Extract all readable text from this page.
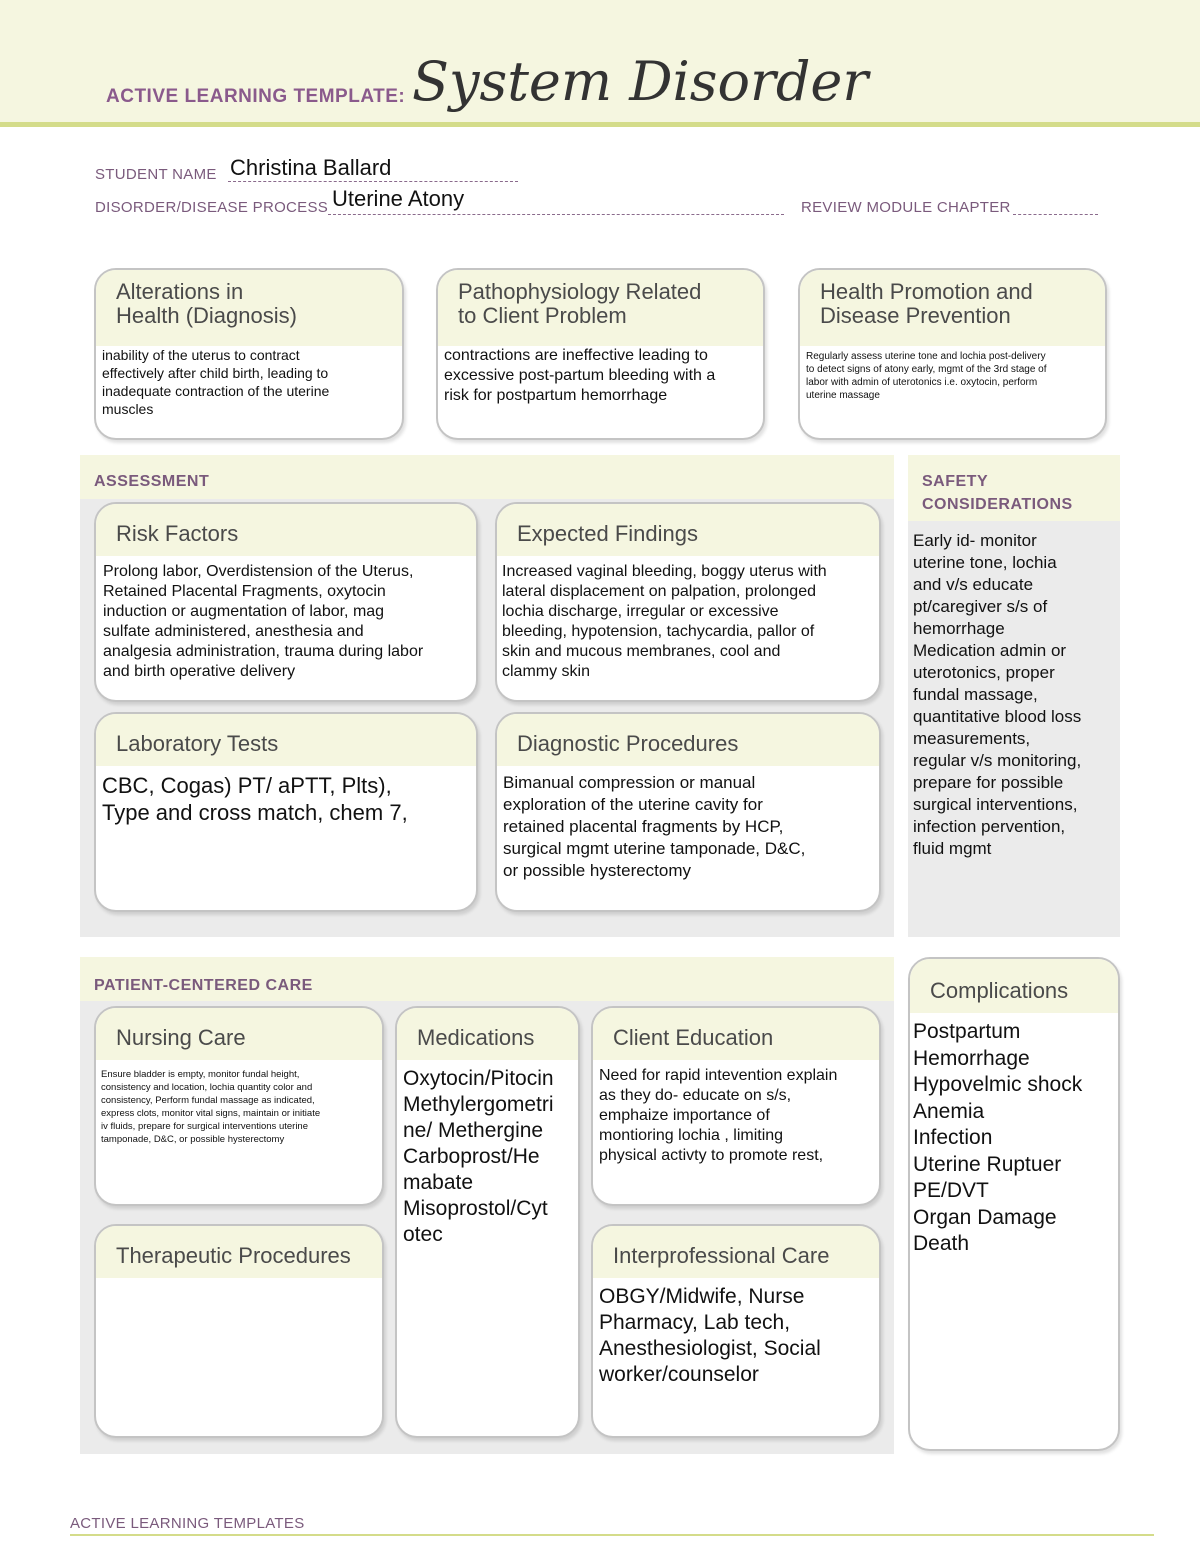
ACTIVE LEARNING TEMPLATE: System Disorder
STUDENT NAME Christina Ballard
DISORDER/DISEASE PROCESS Uterine Atony	REVIEW MODULE CHAPTER
Alterations in
Health (Diagnosis)
inability of the uterus to contract
effectively after child birth, leading to
inadequate contraction of the uterine
muscles
Pathophysiology Related
to Client Problem
contractions are ineffective leading to
excessive post-partum bleeding with a
risk for postpartum hemorrhage
Health Promotion and
Disease Prevention
Regularly assess uterine tone and lochia post-delivery
to detect signs of atony early, mgmt of the 3rd stage of
labor with admin of uterotonics i.e. oxytocin, perform
uterine massage
ASSESSMENT
Risk Factors
Prolong labor, Overdistension of the Uterus,
Retained Placental Fragments, oxytocin
induction or augmentation of labor, mag
sulfate administered, anesthesia and
analgesia administration, trauma during labor
and birth operative delivery
Expected Findings
Increased vaginal bleeding, boggy uterus with
lateral displacement on palpation, prolonged
lochia discharge, irregular or excessive
bleeding, hypotension, tachycardia, pallor of
skin and mucous membranes, cool and
clammy skin
Laboratory Tests
CBC, Cogas) PT/ aPTT, Plts),
Type and cross match, chem 7,
Diagnostic Procedures
Bimanual compression or manual
exploration of the uterine cavity for
retained placental fragments by HCP,
surgical mgmt uterine tamponade, D&C,
or possible hysterectomy
SAFETY
CONSIDERATIONS
Early id- monitor
uterine tone, lochia
and v/s educate
pt/caregiver s/s of
hemorrhage
Medication admin or
uterotonics, proper
fundal massage,
quantitative blood loss
measurements,
regular v/s monitoring,
prepare for possible
surgical interventions,
infection pervention,
fluid mgmt
PATIENT-CENTERED CARE
Nursing Care
Ensure bladder is empty, monitor fundal height,
consistency and location, lochia quantity color and
consistency, Perform fundal massage as indicated,
express clots, monitor vital signs, maintain or initiate
iv fluids, prepare for surgical interventions uterine
tamponade, D&C, or possible hysterectomy
Medications
Oxytocin/Pitocin
Methylergometri
ne/ Methergine
Carboprost/He
mabate
Misoprostol/Cyt
otec
Client Education
Need for rapid intevention explain
as they do- educate on s/s,
emphaize importance of
montioring lochia , limiting
physical activty to promote rest,
Therapeutic Procedures	Interprofessional Care
OBGY/Midwife, Nurse
Pharmacy, Lab tech,
Anesthesiologist, Social
worker/counselor
Complications
Postpartum
Hemorrhage
Hypovelmic shock
Anemia
Infection
Uterine Ruptuer
PE/DVT
Organ Damage
Death
ACTIVE LEARNING TEMPLATES
